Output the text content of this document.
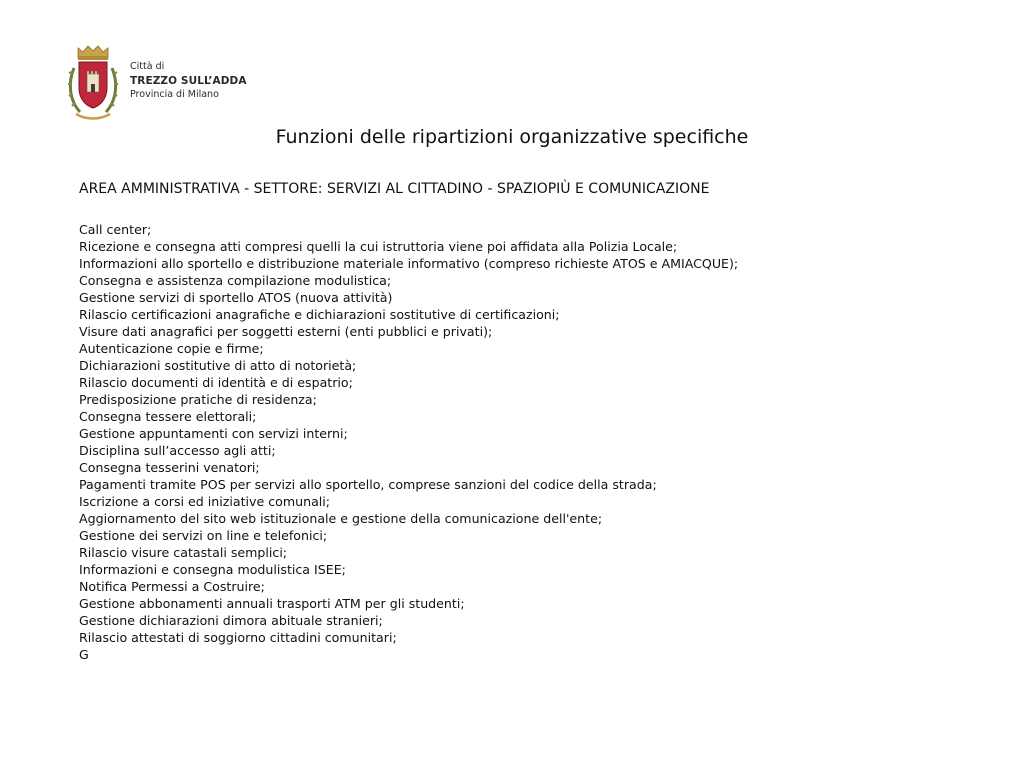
Città di
TREZZO SULL’ADDA
Provincia di Milano
Funzioni delle ripartizioni organizzative specifiche
AREA AMMINISTRATIVA - SETTORE: SERVIZI AL CITTADINO - SPAZIOPIÙ E COMUNICAZIONE
Call center;
Ricezione e consegna atti compresi quelli la cui istruttoria viene poi affidata alla Polizia Locale;
Informazioni allo sportello e distribuzione materiale informativo (compreso richieste ATOS e AMIACQUE);
Consegna e assistenza compilazione modulistica;
Gestione servizi di sportello ATOS (nuova attività)
Rilascio certificazioni anagrafiche e dichiarazioni sostitutive di certificazioni;
Visure dati anagrafici per soggetti esterni (enti pubblici e privati);
Autenticazione copie e firme;
Dichiarazioni sostitutive di atto di notorietà;
Rilascio documenti di identità e di espatrio;
Predisposizione pratiche di residenza;
Consegna tessere elettorali;
Gestione appuntamenti con servizi interni;
Disciplina sull’accesso agli atti;
Consegna tesserini venatori;
Pagamenti tramite POS per servizi allo sportello, comprese sanzioni del codice della strada;
Iscrizione a corsi ed iniziative comunali;
Aggiornamento del sito web istituzionale e gestione della comunicazione dell'ente;
Gestione dei servizi on line e telefonici;
Rilascio visure catastali semplici;
Informazioni e consegna modulistica ISEE;
Notifica Permessi a Costruire;
Gestione abbonamenti annuali trasporti ATM per gli studenti;
Gestione dichiarazioni dimora abituale stranieri;
Rilascio attestati di soggiorno cittadini comunitari;
G
